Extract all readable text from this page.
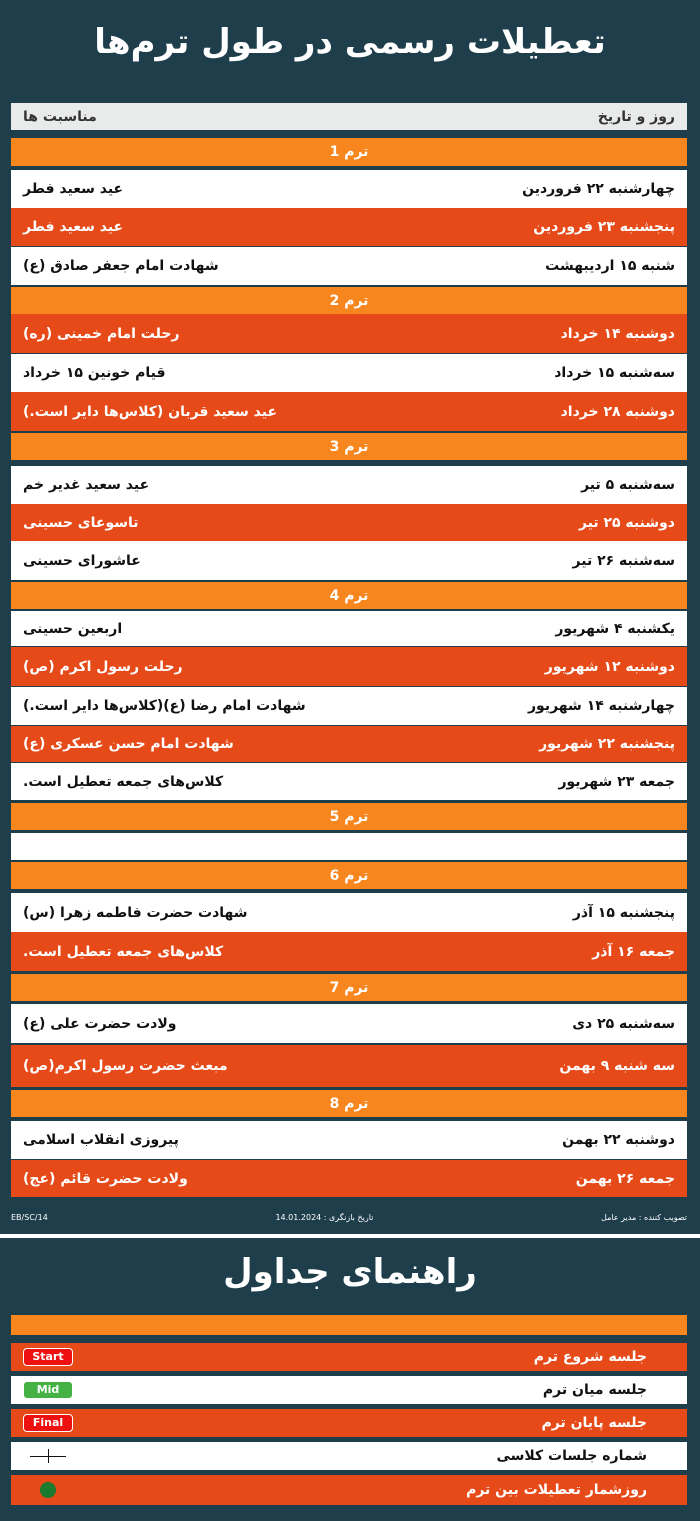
تعطیلات رسمی در طول ترم‌ها
روز و تاریخ
مناسبت ها
ترم 1
چهارشنبه ۲۲ فروردین
عید سعید فطر
پنجشنبه ۲۳ فروردین
عید سعید فطر
شنبه ۱۵ اردیبهشت
شهادت امام جعفر صادق (ع)
ترم 2
دوشنبه ۱۴ خرداد
رحلت امام خمینی (ره)
سه‌شنبه ۱۵ خرداد
قیام خونین ۱۵ خرداد
دوشنبه ۲۸ خرداد
عید سعید قربان (کلاس‌ها دایر است.)
ترم 3
سه‌شنبه ۵ تیر
عید سعید غدیر خم
دوشنبه ۲۵ تیر
تاسوعای حسینی
سه‌شنبه ۲۶ تیر
عاشورای حسینی
ترم 4
یکشنبه ۴ شهریور
اربعین حسینی
دوشنبه ۱۲ شهریور
رحلت رسول اکرم (ص)
چهارشنبه ۱۴ شهریور
شهادت امام رضا (ع)(کلاس‌ها دایر است.)
پنجشنبه ۲۲ شهریور
شهادت امام حسن عسکری (ع)
جمعه ۲۳ شهریور
کلاس‌های جمعه تعطیل است.
ترم 5
ترم 6
پنجشنبه ۱۵ آذر
شهادت حضرت فاطمه زهرا (س)
جمعه ۱۶ آذر
کلاس‌های جمعه تعطیل است.
ترم 7
سه‌شنبه ۲۵ دی
ولادت حضرت علی (ع)
سه شنبه ۹ بهمن
مبعث حضرت رسول اکرم(ص)
ترم 8
دوشنبه ۲۲ بهمن
پیروزی انقلاب اسلامی
جمعه ۲۶ بهمن
ولادت حضرت قائم (عج)
EB/SC/14	تاریخ بازنگری : 14.01.2024	تصویب کننده : مدیر عامل
راهنمای جداول
جلسه شروع ترم
Start
جلسه میان ترم
Mid
جلسه پایان ترم
Final
شماره جلسات کلاسی
روزشمار تعطیلات بین ترم
